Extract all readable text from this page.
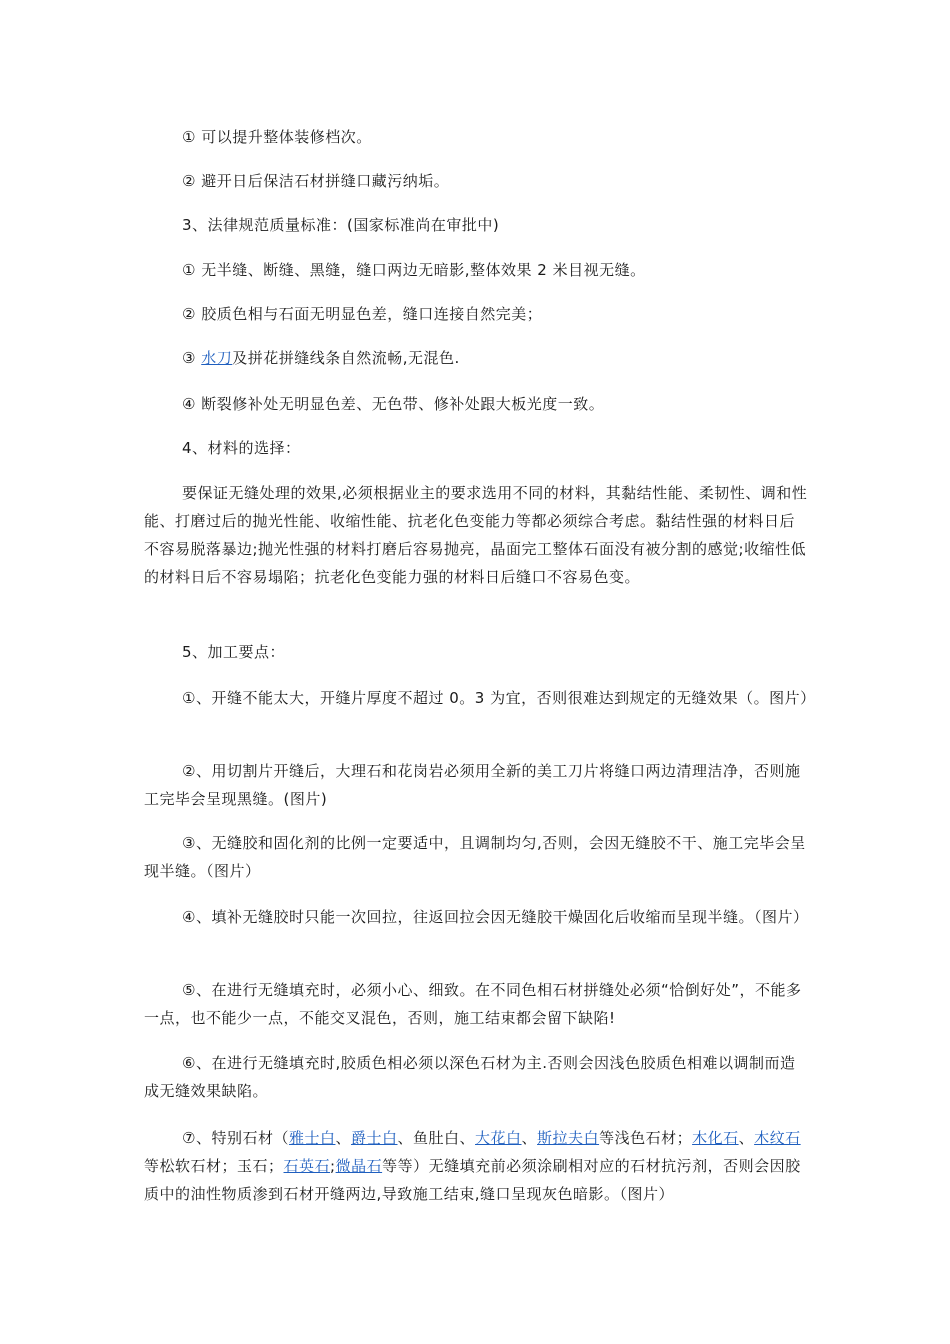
① 可以提升整体装修档次。
② 避开日后保洁石材拼缝口藏污纳垢。
3、法律规范质量标准：(国家标准尚在审批中)
① 无半缝、断缝、黑缝，缝口两边无暗影,整体效果 2 米目视无缝。
② 胶质色相与石面无明显色差，缝口连接自然完美；
③ 水刀及拼花拼缝线条自然流畅,无混色.
④ 断裂修补处无明显色差、无色带、修补处跟大板光度一致。
4、材料的选择：
要保证无缝处理的效果,必须根据业主的要求选用不同的材料，其黏结性能、柔韧性、调和性能、打磨过后的抛光性能、收缩性能、抗老化色变能力等都必须综合考虑。黏结性强的材料日后不容易脱落暴边;抛光性强的材料打磨后容易抛亮，晶面完工整体石面没有被分割的感觉;收缩性低的材料日后不容易塌陷；抗老化色变能力强的材料日后缝口不容易色变。
5、加工要点：
①、开缝不能太大，开缝片厚度不超过 0。3 为宜，否则很难达到规定的无缝效果（。图片）
②、用切割片开缝后，大理石和花岗岩必须用全新的美工刀片将缝口两边清理洁净，否则施工完毕会呈现黑缝。(图片)
③、无缝胶和固化剂的比例一定要适中，且调制均匀,否则，会因无缝胶不干、施工完毕会呈现半缝。（图片）
④、填补无缝胶时只能一次回拉，往返回拉会因无缝胶干燥固化后收缩而呈现半缝。（图片）
⑤、在进行无缝填充时，必须小心、细致。在不同色相石材拼缝处必须“恰倒好处”，不能多一点，也不能少一点，不能交叉混色，否则，施工结束都会留下缺陷!
⑥、在进行无缝填充时,胶质色相必须以深色石材为主.否则会因浅色胶质色相难以调制而造成无缝效果缺陷。
⑦、特别石材（雅士白、爵士白、鱼肚白、大花白、斯拉夫白等浅色石材；木化石、木纹石等松软石材；玉石；石英石;微晶石等等）无缝填充前必须涂刷相对应的石材抗污剂，否则会因胶质中的油性物质渗到石材开缝两边,导致施工结束,缝口呈现灰色暗影。（图片）
